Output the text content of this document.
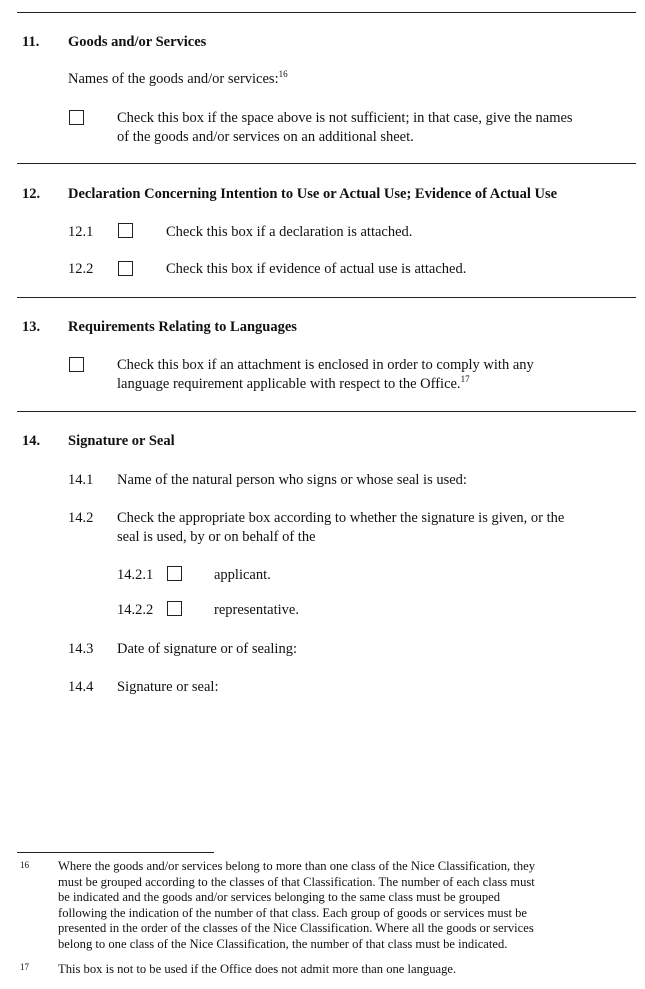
11. Goods and/or Services
Names of the goods and/or services:$^{16}$
Check this box if the space above is not sufficient; in that case, give the names
of the goods and/or services on an additional sheet.
12. Declaration Concerning Intention to Use or Actual Use; Evidence of Actual Use
12.1	Check this box if a declaration is attached.
12.2	Check this box if evidence of actual use is attached.
13. Requirements Relating to Languages
Check this box if an attachment is enclosed in order to comply with any
language requirement applicable with respect to the Office.$^{17}$
14. Signature or Seal
14.1 Name of the natural person who signs or whose seal is used:
14.2 Check the appropriate box according to whether the signature is given, or the
seal is used, by or on behalf of the
14.2.1	applicant.
14.2.2	representative.
14.3 Date of signature or of sealing:
14.4 Signature or seal:
16 Where the goods and/or services belong to more than one class of the Nice Classification, they
must be grouped according to the classes of that Classification. The number of each class must
be indicated and the goods and/or services belonging to the same class must be grouped
following the indication of the number of that class. Each group of goods or services must be
presented in the order of the classes of the Nice Classification. Where all the goods or services
belong to one class of the Nice Classification, the number of that class must be indicated.
17 This box is not to be used if the Office does not admit more than one language.
